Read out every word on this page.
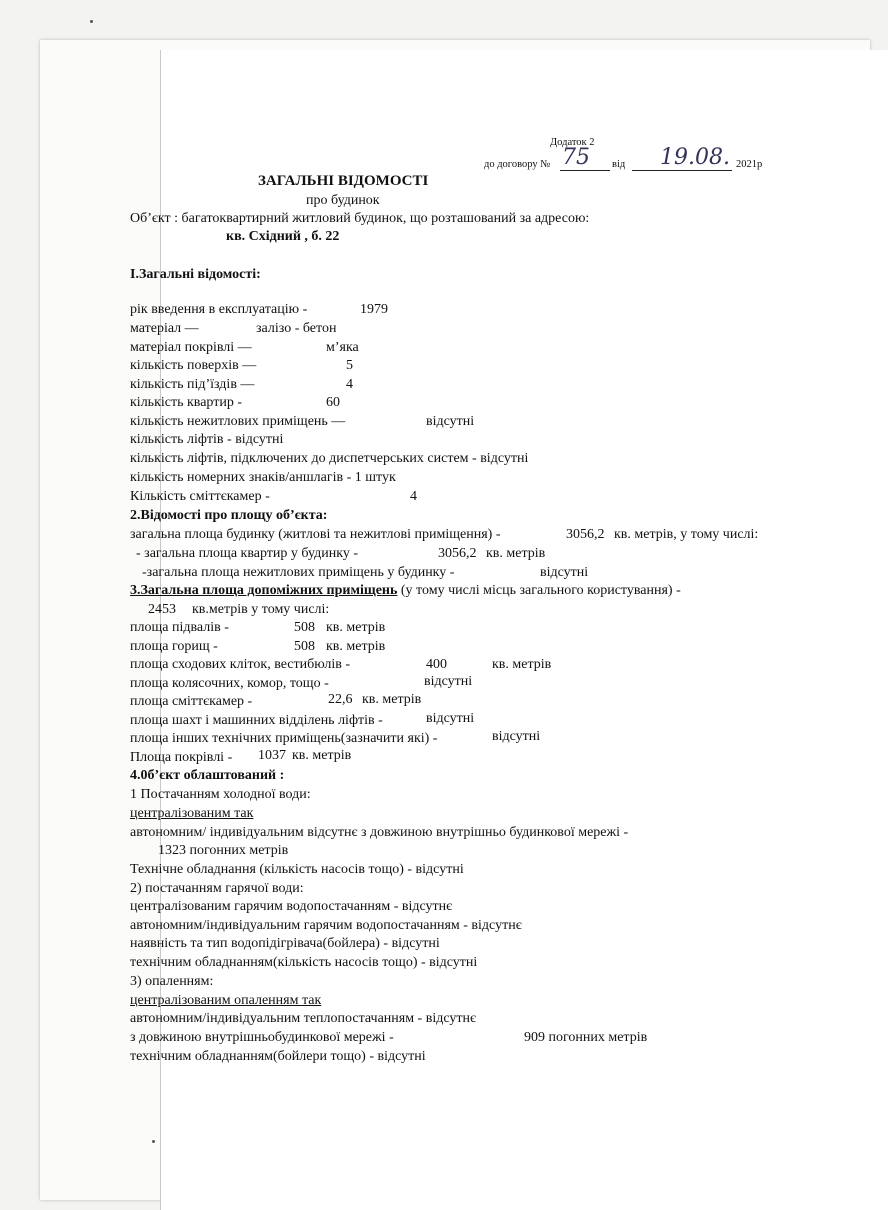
Додаток 2
до договору № 75 від 19.08. 2021р
ЗАГАЛЬНІ ВІДОМОСТІ
про будинок
Об’єкт : багатоквартирний житловий будинок, що розташований за адресою:
кв. Східний , б. 22
І.Загальні відомості:
рік введення в експлуатацію -	1979
матеріал —	залізо - бетон
матеріал покрівлі —	м’яка
кількість поверхів —	5
кількість під’їздів —	4
кількість квартир -	60
кількість нежитлових приміщень —	відсутні
кількість ліфтів - відсутні
кількість ліфтів, підключених до диспетчерських систем - відсутні
кількість номерних знаків/аншлагів - 1 штук
Кількість сміттєкамер -	4
2.Відомості про площу об’єкта:
загальна площа будинку (житлові та нежитлові приміщення) -	3056,2 кв. метрів, у тому числі:
- загальна площа квартир у будинку -	3056,2 кв. метрів
-загальна площа нежитлових приміщень у будинку -	відсутні
3.Загальна площа допоміжних приміщень (у тому числі місць загального користування) -
2453 кв.метрів у тому числі:
площа підвалів -	508 кв. метрів
площа горищ -	508 кв. метрів
площа сходових кліток, вестибюлів -	400	кв. метрів
площа колясочних, комор, тощо -	відсутні
площа сміттєкамер -	22,6 кв. метрів
площа шахт і машинних відділень ліфтів -	відсутні
площа інших технічних приміщень(зазначити які) -	відсутні
Площа покрівлі - 1037 кв. метрів
4.0б’єкт облаштований :
1 Постачанням холодної води:
централізованим так
автономним/ індивідуальним відсутнє з довжиною внутрішньо будинкової мережі -
1323 погонних метрів
Технічне обладнання (кількість насосів тощо) - відсутні
2) постачанням гарячої води:
централізованим гарячим водопостачанням - відсутнє
автономним/індивідуальним гарячим водопостачанням - відсутнє
наявність та тип водопідігрівача(бойлера) - відсутні
технічним обладнанням(кількість насосів тощо) - відсутні
3) опаленням:
централізованим опаленням так
автономним/індивідуальним теплопостачанням - відсутнє
з довжиною внутрішньобудинкової мережі -	909 погонних метрів
технічним обладнанням(бойлери тощо) - відсутні
